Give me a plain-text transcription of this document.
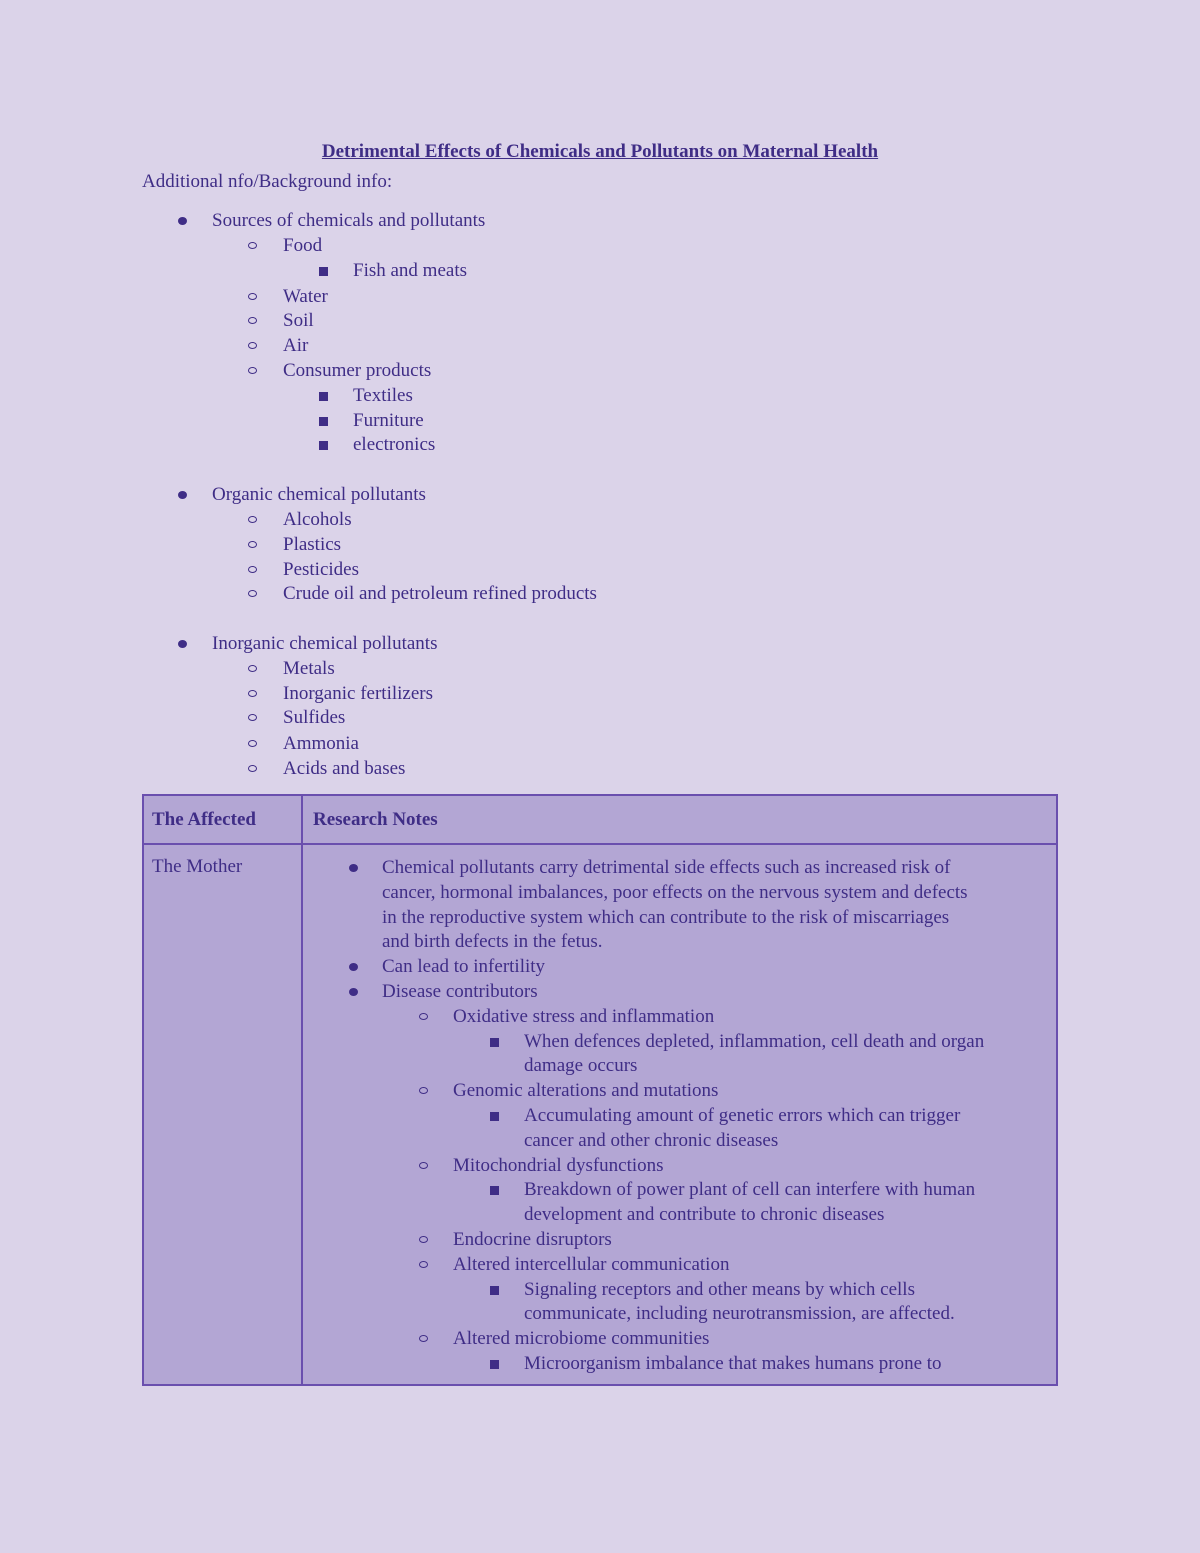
Detrimental Effects of Chemicals and Pollutants on Maternal Health
Additional nfo/Background info:
Sources of chemicals and pollutants
Food
Fish and meats
Water
Soil
Air
Consumer products
Textiles
Furniture
electronics
Organic chemical pollutants
Alcohols
Plastics
Pesticides
Crude oil and petroleum refined products
Inorganic chemical pollutants
Metals
Inorganic fertilizers
Sulfides
Ammonia
Acids and bases
The Affected	Research Notes
The Mother	Chemical pollutants carry detrimental side effects such as increased risk of
cancer, hormonal imbalances, poor effects on the nervous system and defects
in the reproductive system which can contribute to the risk of miscarriages
and birth defects in the fetus.
Can lead to infertility
Disease contributors
Oxidative stress and inflammation
When defences depleted, inflammation, cell death and organ
damage occurs
Genomic alterations and mutations
Accumulating amount of genetic errors which can trigger
cancer and other chronic diseases
Mitochondrial dysfunctions
Breakdown of power plant of cell can interfere with human
development and contribute to chronic diseases
Endocrine disruptors
Altered intercellular communication
Signaling receptors and other means by which cells
communicate, including neurotransmission, are affected.
Altered microbiome communities
Microorganism imbalance that makes humans prone to
